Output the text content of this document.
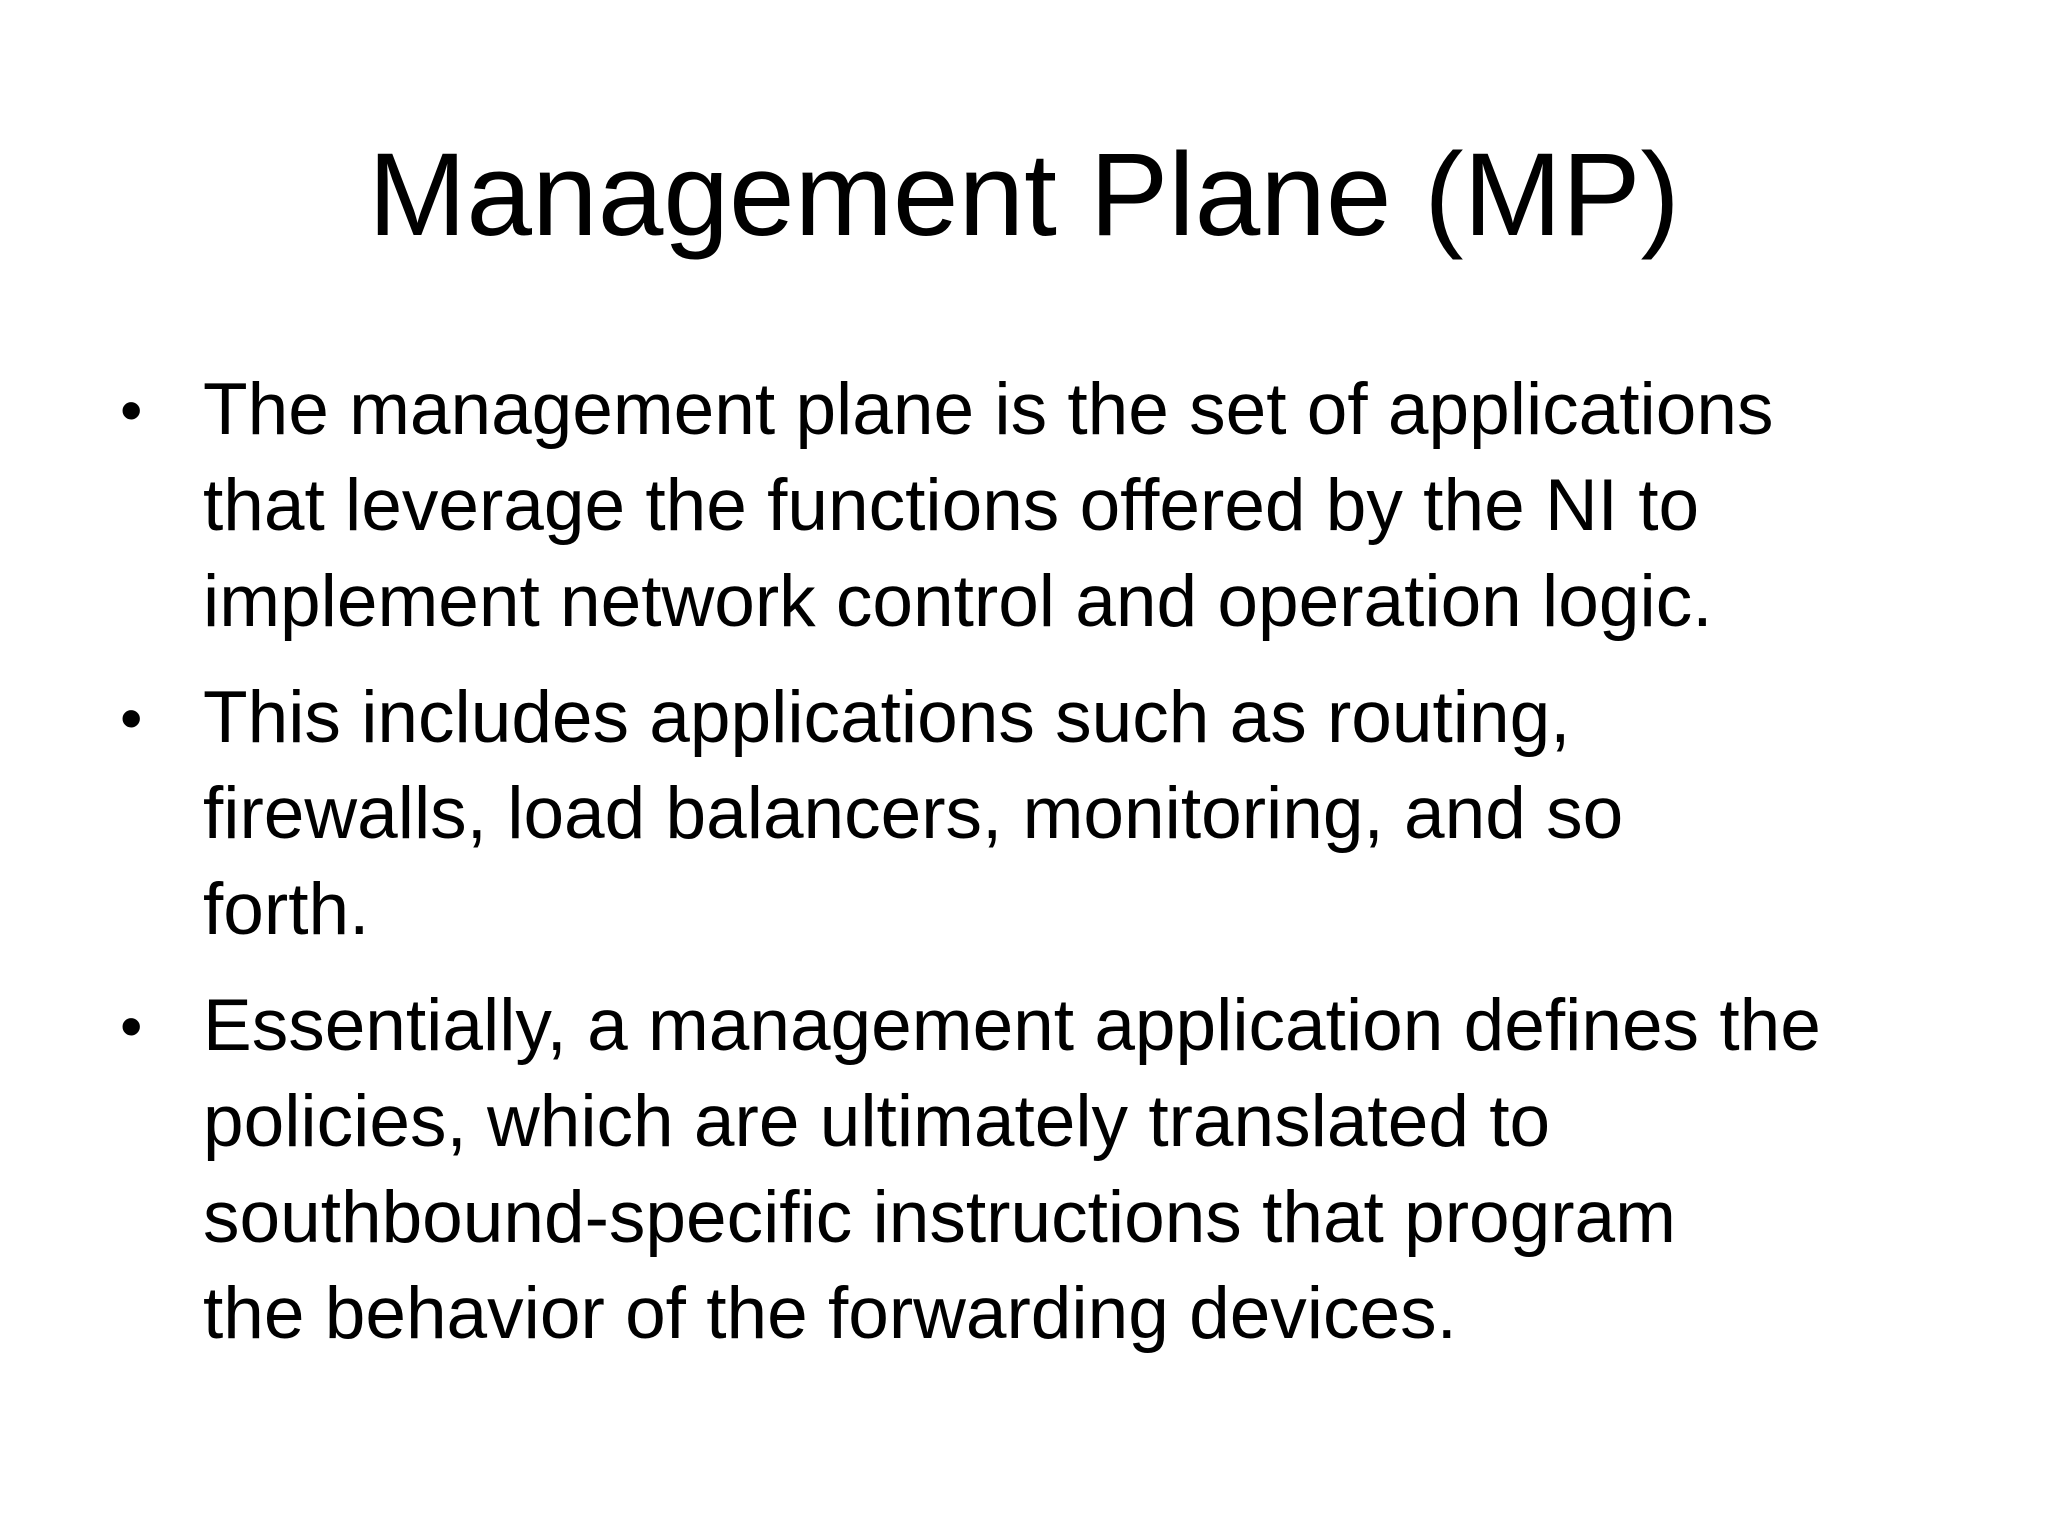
Management Plane (MP)
• The management plane is the set of applications
that leverage the functions offered by the NI to
implement network control and operation logic.
• This includes applications such as routing,
firewalls, load balancers, monitoring, and so
forth.
• Essentially, a management application defines the
policies, which are ultimately translated to
southbound-specific instructions that program
the behavior of the forwarding devices.
